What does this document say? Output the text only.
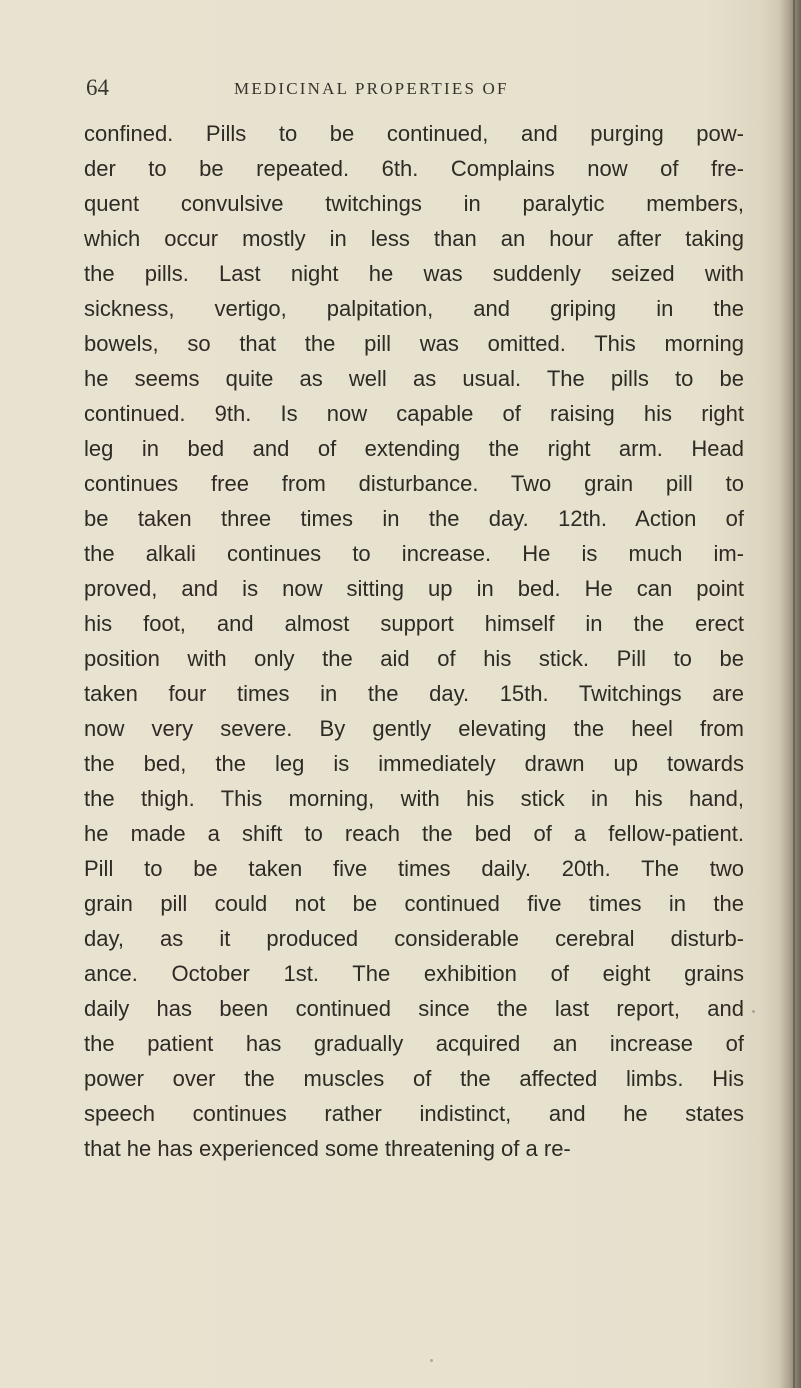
64	MEDICINAL PROPERTIES OF
confined. Pills to be continued, and purging pow-
der to be repeated. 6th. Complains now of fre-
quent convulsive twitchings in paralytic members,
which occur mostly in less than an hour after taking
the pills. Last night he was suddenly seized with
sickness, vertigo, palpitation, and griping in the
bowels, so that the pill was omitted. This morning
he seems quite as well as usual. The pills to be
continued. 9th. Is now capable of raising his right
leg in bed and of extending the right arm. Head
continues free from disturbance. Two grain pill to
be taken three times in the day. 12th. Action of
the alkali continues to increase. He is much im-
proved, and is now sitting up in bed. He can point
his foot, and almost support himself in the erect
position with only the aid of his stick. Pill to be
taken four times in the day. 15th. Twitchings are
now very severe. By gently elevating the heel from
the bed, the leg is immediately drawn up towards
the thigh. This morning, with his stick in his hand,
he made a shift to reach the bed of a fellow-patient.
Pill to be taken five times daily. 20th. The two
grain pill could not be continued five times in the
day, as it produced considerable cerebral disturb-
ance. October 1st. The exhibition of eight grains
daily has been continued since the last report, and
the patient has gradually acquired an increase of
power over the muscles of the affected limbs. His
speech continues rather indistinct, and he states
that he has experienced some threatening of a re-
